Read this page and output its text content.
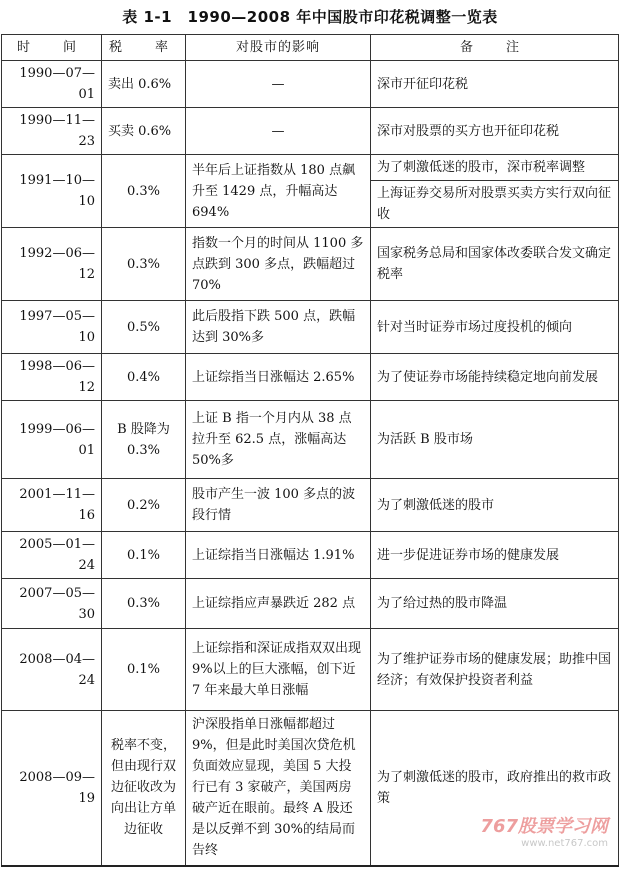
表 1-1　1990—2008 年中国股市印花税调整一览表
时　间	税　率	对股市的影响	备　注
1990—07—01	卖出 0.6%	—	深市开征印花税

1990—11—23	买卖 0.6%	—	深市对股票的买方也开征印花税

1991—10—10	0.3%	半年后上证指数从 180 点飙升至 1429 点，升幅高达 694%	为了刺激低迷的股市，深市税率调整
上海证券交易所对股票买卖方实行双向征收

1992—06—12	0.3%	指数一个月的时间从 1100 多点跌到 300 多点，跌幅超过 70%	国家税务总局和国家体改委联合发文确定税率

1997—05—10	0.5%	此后股指下跌 500 点，跌幅达到 30%多	针对当时证券市场过度投机的倾向

1998—06—12	0.4%	上证综指当日涨幅达 2.65%	为了使证券市场能持续稳定地向前发展

1999—06—01	B 股降为 0.3%	上证 B 指一个月内从 38 点拉升至 62.5 点，涨幅高达 50%多	为活跃 B 股市场

2001—11—16	0.2%	股市产生一波 100 多点的波段行情	为了刺激低迷的股市

2005—01—24	0.1%	上证综指当日涨幅达 1.91%	进一步促进证券市场的健康发展

2007—05—30	0.3%	上证综指应声暴跌近 282 点	为了给过热的股市降温

2008—04—24	0.1%	上证综指和深证成指双双出现 9%以上的巨大涨幅，创下近 7 年来最大单日涨幅	为了维护证券市场的健康发展；助推中国经济；有效保护投资者利益

2008—09—19	税率不变，但由现行双边征收改为向出让方单边征收	沪深股指单日涨幅都超过 9%，但是此时美国次贷危机负面效应显现，美国 5 大投行已有 3 家破产，美国两房破产近在眼前。最终 A 股还是以反弹不到 30%的结局而告终	为了刺激低迷的股市，政府推出的救市政策
767股票学习网
www.net767.com
